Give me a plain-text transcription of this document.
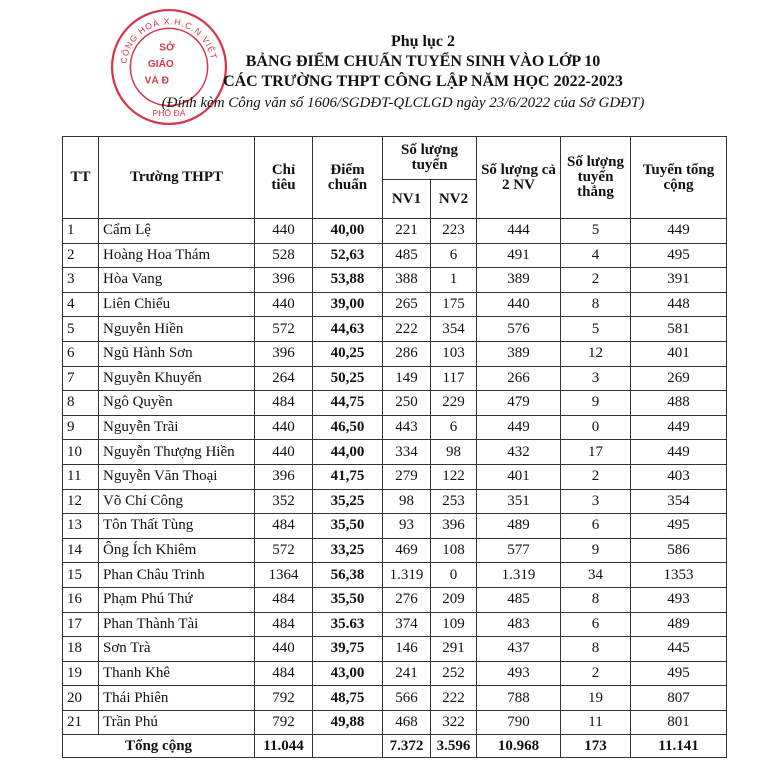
CỘNG HOÀ X.H.C.N VIỆT
SỞ
GIÁO
VÀ Đ
PHỐ ĐÀ
Phụ lục 2
BẢNG ĐIỂM CHUẨN TUYỂN SINH VÀO LỚP 10
CÁC TRƯỜNG THPT CÔNG LẬP NĂM HỌC 2022-2023
(Đính kèm Công văn số 1606/SGDĐT-QLCLGD ngày 23/6/2022 của Sở GDĐT)
TT	Trường THPT	Chỉ tiêu	Điểm chuẩn	Số lượng tuyển		Số lượng cả 2 NV	Số lượng tuyển thẳng	Tuyển tổng cộng
				NV1	NV2			
1	Cẩm Lệ	440	40,00	221	223	444	5	449
2	Hoàng Hoa Thám	528	52,63	485	6	491	4	495
3	Hòa Vang	396	53,88	388	1	389	2	391
4	Liên Chiểu	440	39,00	265	175	440	8	448
5	Nguyễn Hiền	572	44,63	222	354	576	5	581
6	Ngũ Hành Sơn	396	40,25	286	103	389	12	401
7	Nguyễn Khuyến	264	50,25	149	117	266	3	269
8	Ngô Quyền	484	44,75	250	229	479	9	488
9	Nguyễn Trãi	440	46,50	443	6	449	0	449
10	Nguyễn Thượng Hiền	440	44,00	334	98	432	17	449
11	Nguyễn Văn Thoại	396	41,75	279	122	401	2	403
12	Võ Chí Công	352	35,25	98	253	351	3	354
13	Tôn Thất Tùng	484	35,50	93	396	489	6	495
14	Ông Ích Khiêm	572	33,25	469	108	577	9	586
15	Phan Châu Trinh	1364	56,38	1.319	0	1.319	34	1353
16	Phạm Phú Thứ	484	35,50	276	209	485	8	493
17	Phan Thành Tài	484	35.63	374	109	483	6	489
18	Sơn Trà	440	39,75	146	291	437	8	445
19	Thanh Khê	484	43,00	241	252	493	2	495
20	Thái Phiên	792	48,75	566	222	788	19	807
21	Trần Phú	792	49,88	468	322	790	11	801
Tổng cộng		11.044		7.372	3.596	10.968	173	11.141
